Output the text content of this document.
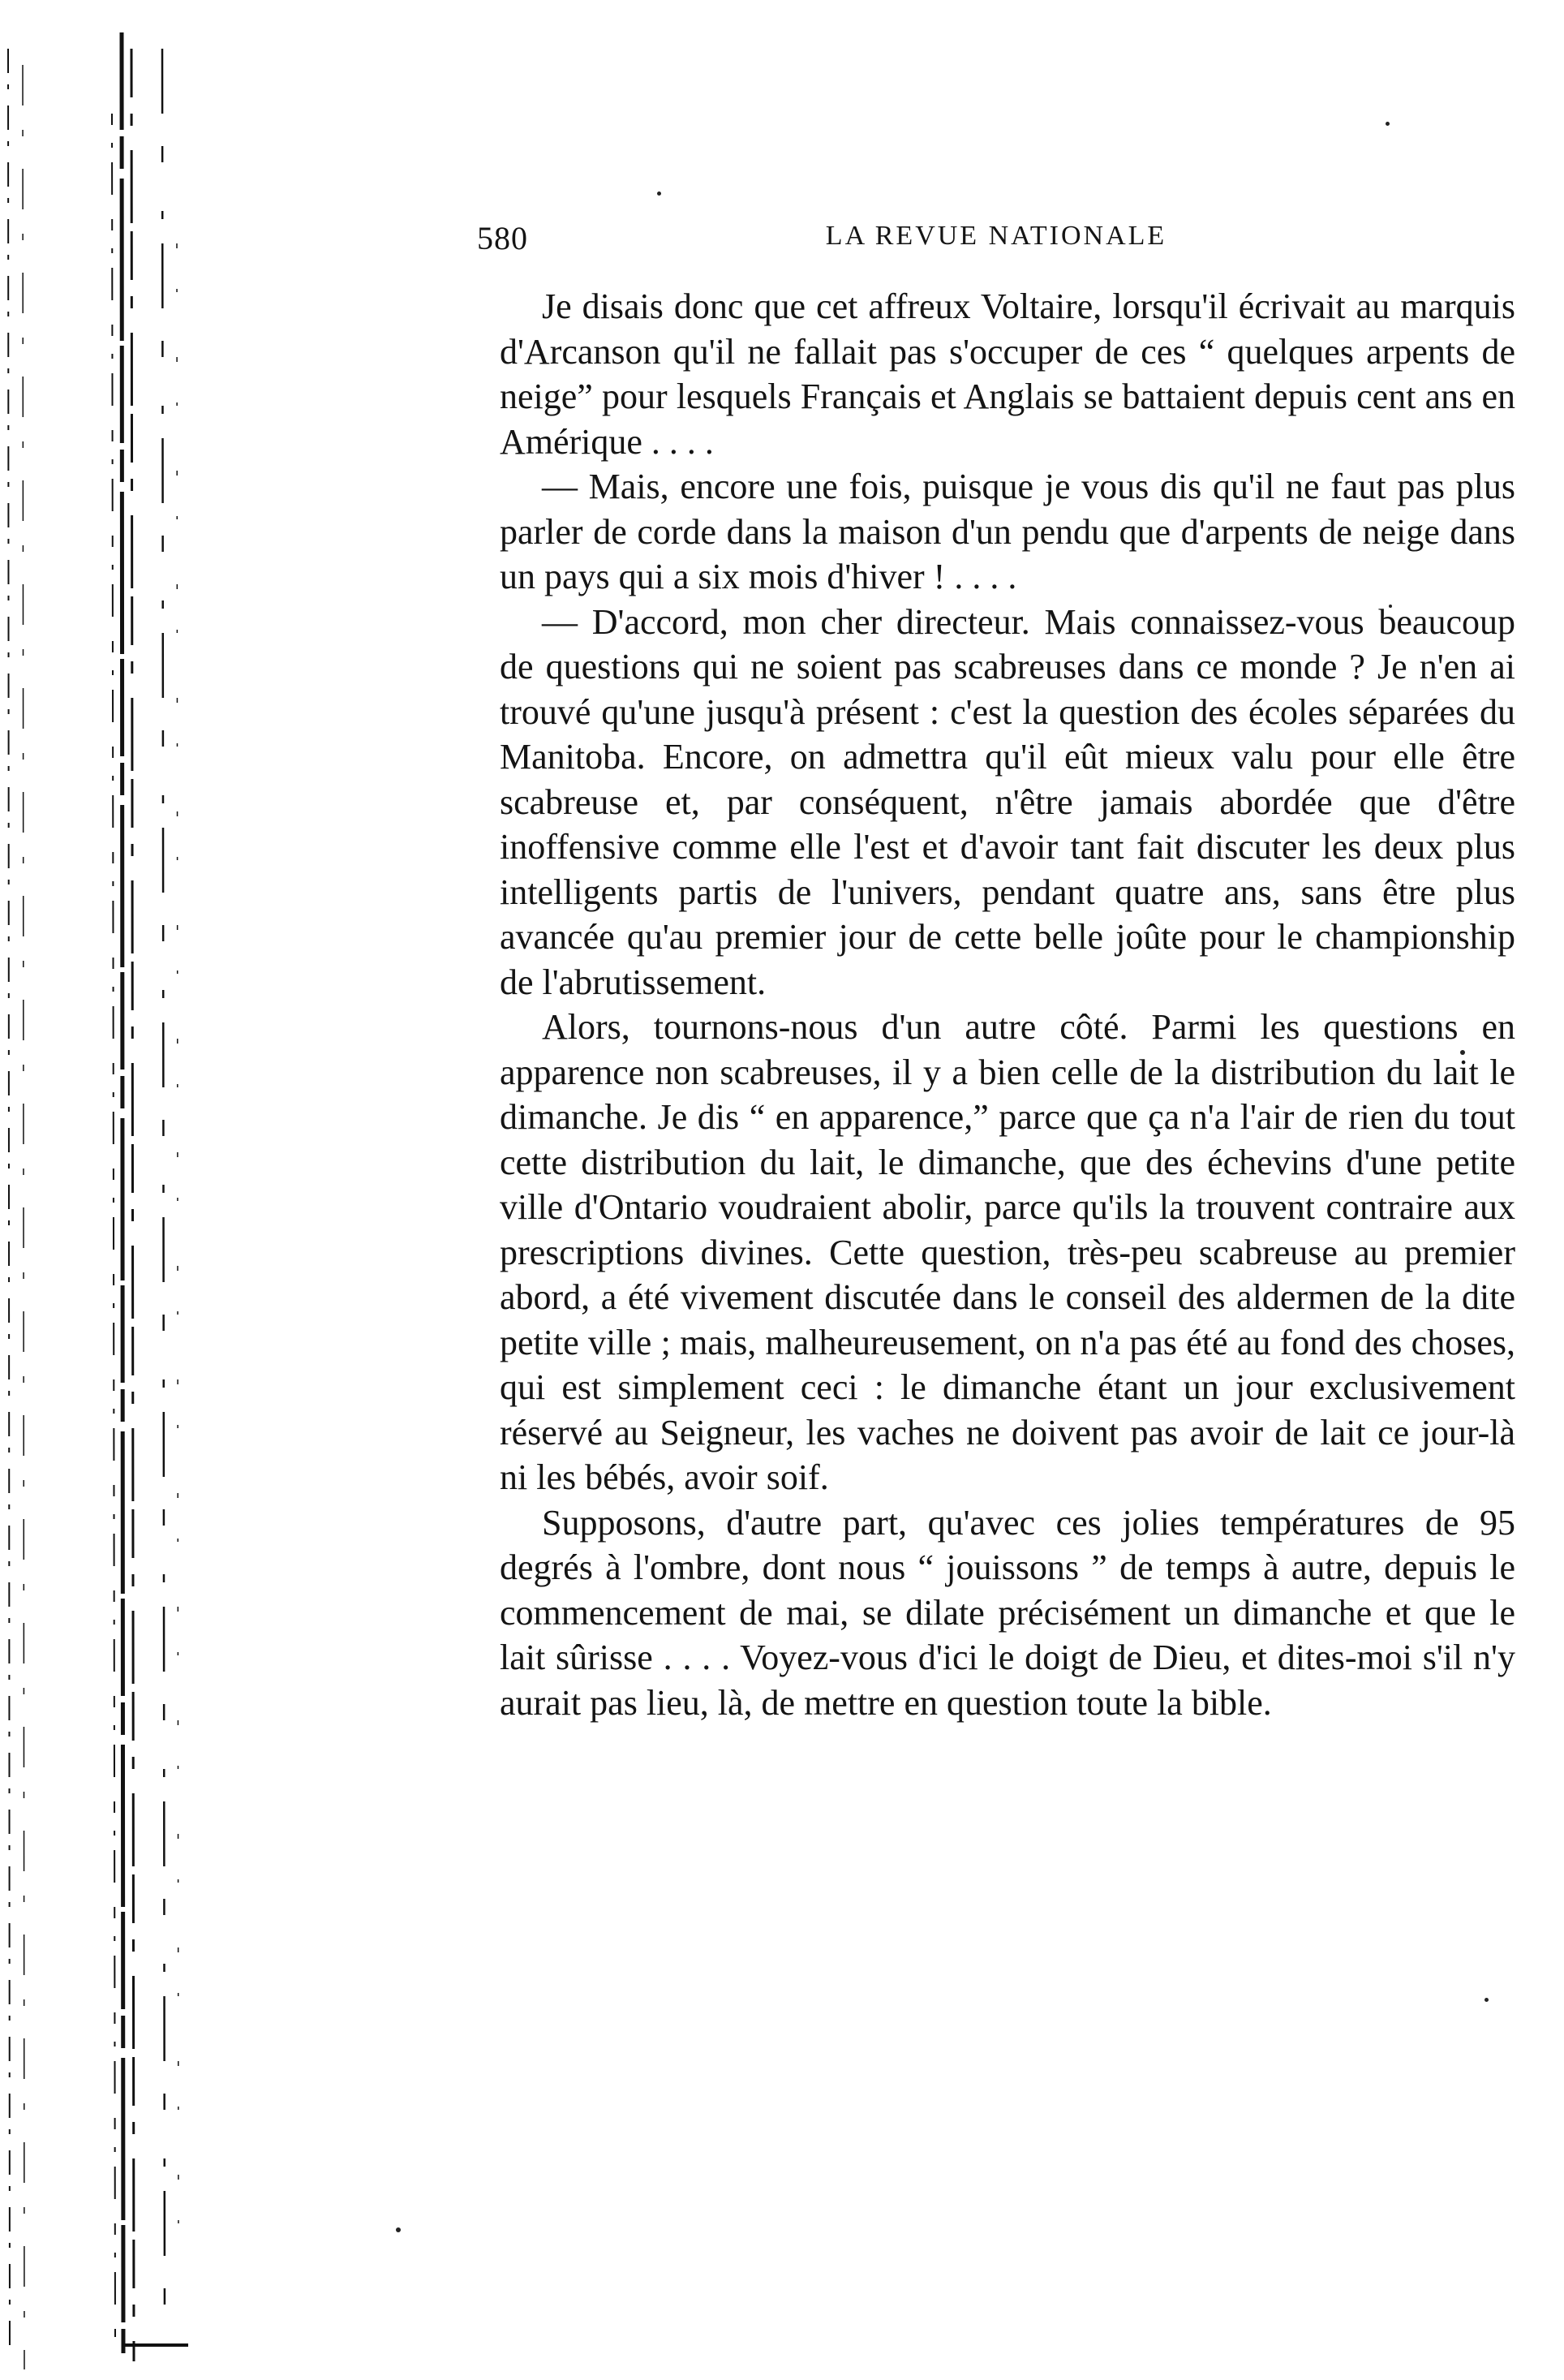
580	LA REVUE NATIONALE

Je disais donc que cet affreux Voltaire, lorsqu'il écrivait au marquis d'Arcanson qu'il ne fallait pas s'occuper de ces “ quelques arpents de neige” pour lesquels Français et Anglais se battaient depuis cent ans en Amérique . . . .

— Mais, encore une fois, puisque je vous dis qu'il ne faut pas plus parler de corde dans la maison d'un pendu que d'arpents de neige dans un pays qui a six mois d'hiver ! . . . .

— D'accord, mon cher directeur. Mais connaissez-vous beaucoup de questions qui ne soient pas scabreuses dans ce monde ? Je n'en ai trouvé qu'une jusqu'à présent : c'est la question des écoles séparées du Manitoba. Encore, on admettra qu'il eût mieux valu pour elle être scabreuse et, par conséquent, n'être jamais abordée que d'être inoffensive comme elle l'est et d'avoir tant fait discuter les deux plus intelligents partis de l'univers, pendant quatre ans, sans être plus avancée qu'au premier jour de cette belle joûte pour le championship de l'abrutissement.

Alors, tournons-nous d'un autre côté. Parmi les questions en apparence non scabreuses, il y a bien celle de la distribution du lait le dimanche. Je dis “ en apparence,” parce que ça n'a l'air de rien du tout cette distribution du lait, le dimanche, que des échevins d'une petite ville d'Ontario voudraient abolir, parce qu'ils la trouvent contraire aux prescriptions divines. Cette question, très-peu scabreuse au premier abord, a été vivement discutée dans le conseil des aldermen de la dite petite ville ; mais, malheureusement, on n'a pas été au fond des choses, qui est simplement ceci : le dimanche étant un jour exclusivement réservé au Seigneur, les vaches ne doivent pas avoir de lait ce jour-là ni les bébés, avoir soif.

Supposons, d'autre part, qu'avec ces jolies températures de 95 degrés à l'ombre, dont nous “ jouissons ” de temps à autre, depuis le commencement de mai, se dilate précisément un dimanche et que le lait sûrisse . . . . Voyez-vous d'ici le doigt de Dieu, et dites-moi s'il n'y aurait pas lieu, là, de mettre en question toute la bible.
